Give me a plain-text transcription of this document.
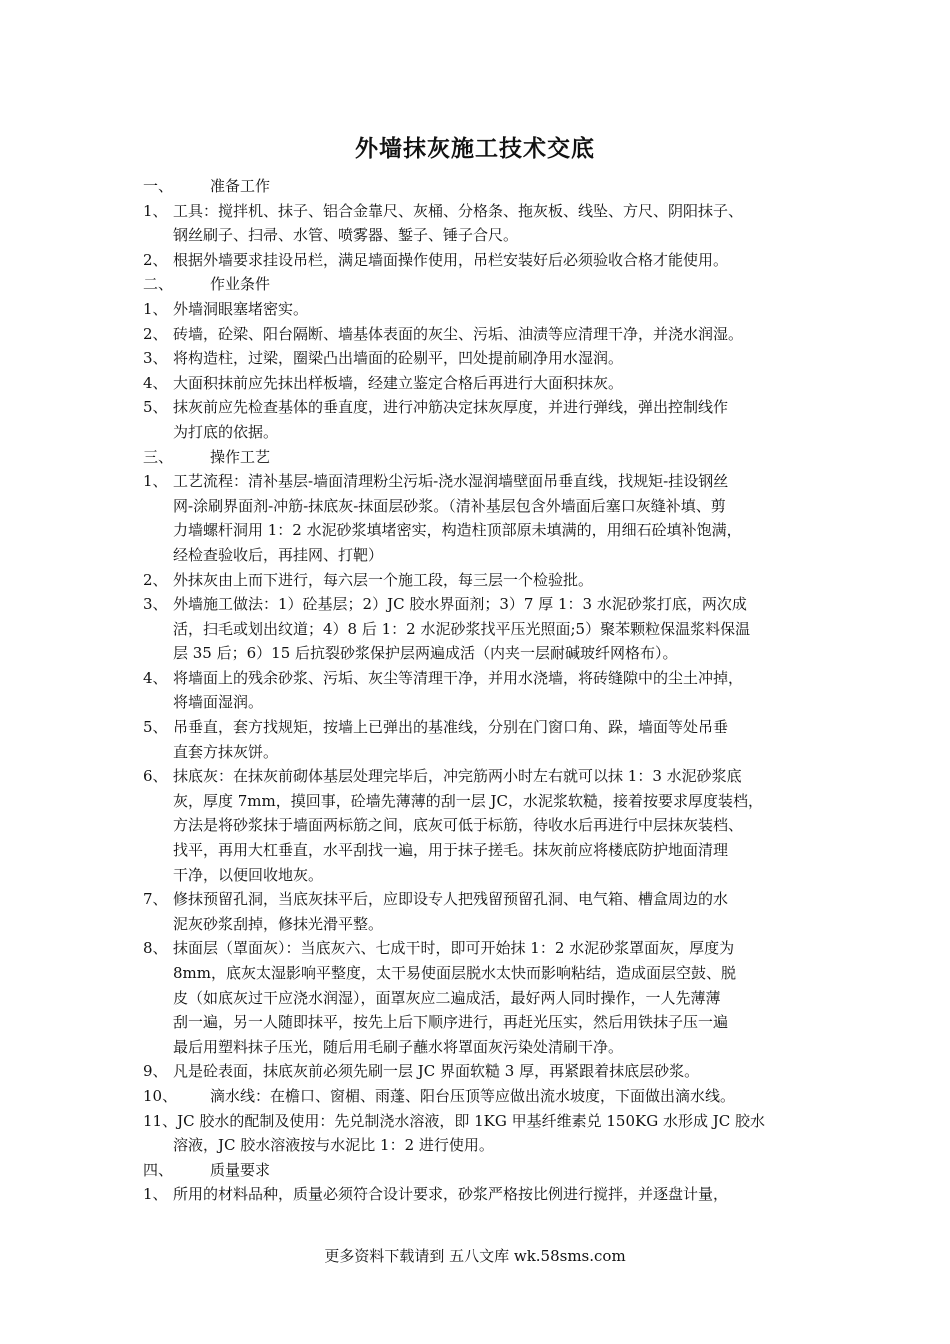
外墙抹灰施工技术交底
一、	准备工作
1、 工具：搅拌机、抹子、铝合金靠尺、灰桶、分格条、拖灰板、线坠、方尺、阴阳抹子、
钢丝刷子、扫帚、水管、喷雾器、錾子、锤子合尺。
2、 根据外墙要求挂设吊栏，满足墙面操作使用，吊栏安装好后必须验收合格才能使用。
二、	作业条件
1、 外墙洞眼塞堵密实。
2、 砖墙，砼梁、阳台隔断、墙基体表面的灰尘、污垢、油渍等应清理干净，并浇水润湿。
3、 将构造柱，过梁，圈梁凸出墙面的砼剔平，凹处提前刷净用水湿润。
4、 大面积抹前应先抹出样板墙，经建立鉴定合格后再进行大面积抹灰。
5、 抹灰前应先检查基体的垂直度，进行冲筋决定抹灰厚度，并进行弹线，弹出控制线作
为打底的依据。
三、	操作工艺
1、 工艺流程：清补基层-墙面清理粉尘污垢-浇水湿润墙壁面吊垂直线，找规矩-挂设钢丝
网-涂刷界面剂-冲筋-抹底灰-抹面层砂浆。（清补基层包含外墙面后塞口灰缝补填、剪
力墙螺杆洞用 1：2 水泥砂浆填堵密实，构造柱顶部原未填满的，用细石砼填补饱满，
经检查验收后，再挂网、打靶）
2、 外抹灰由上而下进行，每六层一个施工段，每三层一个检验批。
3、 外墙施工做法：1）砼基层；2）JC 胶水界面剂；3）7 厚 1：3 水泥砂浆打底，两次成
活，扫毛或划出纹道；4）8 后 1：2 水泥砂浆找平压光照面;5）聚苯颗粒保温浆料保温
层 35 后；6）15 后抗裂砂浆保护层两遍成活（内夹一层耐碱玻纤网格布）。
4、 将墙面上的残余砂浆、污垢、灰尘等清理干净，并用水浇墙，将砖缝隙中的尘土冲掉，
将墙面湿润。
5、 吊垂直，套方找规矩，按墙上已弹出的基准线，分别在门窗口角、跺，墙面等处吊垂
直套方抹灰饼。
6、 抹底灰：在抹灰前砌体基层处理完毕后，冲完筋两小时左右就可以抹 1：3 水泥砂浆底
灰，厚度 7mm，摸回事，砼墙先薄薄的刮一层 JC，水泥浆软糙，接着按要求厚度装档，
方法是将砂浆抹于墙面两标筋之间，底灰可低于标筋，待收水后再进行中层抹灰装档、
找平，再用大杠垂直，水平刮找一遍，用于抹子搓毛。抹灰前应将楼底防护地面清理
干净，以便回收地灰。
7、 修抹预留孔洞，当底灰抹平后，应即设专人把残留预留孔洞、电气箱、槽盒周边的水
泥灰砂浆刮掉，修抹光滑平整。
8、 抹面层（罩面灰）：当底灰六、七成干时，即可开始抹 1：2 水泥砂浆罩面灰，厚度为
8mm，底灰太湿影响平整度，太干易使面层脱水太快而影响粘结，造成面层空鼓、脱
皮（如底灰过干应浇水润湿），面罩灰应二遍成活，最好两人同时操作，一人先薄薄
刮一遍，另一人随即抹平，按先上后下顺序进行，再赶光压实，然后用铁抹子压一遍
最后用塑料抹子压光，随后用毛刷子蘸水将罩面灰污染处清刷干净。
9、 凡是砼表面，抹底灰前必须先刷一层 JC 界面软糙 3 厚，再紧跟着抹底层砂浆。
10、	滴水线：在檐口、窗楣、雨蓬、阳台压顶等应做出流水坡度，下面做出滴水线。
11、JC 胶水的配制及使用：先兑制浇水溶液，即 1KG 甲基纤维素兑 150KG 水形成 JC 胶水
溶液，JC 胶水溶液按与水泥比 1：2 进行使用。
四、	质量要求
1、 所用的材料品种，质量必须符合设计要求，砂浆严格按比例进行搅拌，并逐盘计量，
更多资料下载请到 五八文库 wk.58sms.com
